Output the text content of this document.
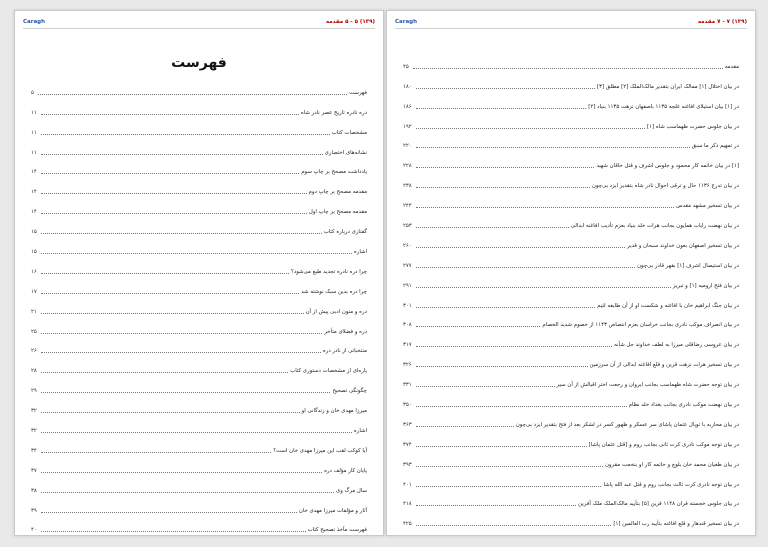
Caragh	(۱۳۹) ۵ - ۵ مقدمه
فهرست
فهرست
۵
دره نادره تاریخ عصر نادر شاه
۱۱
مشخصات کتاب
۱۱
نشانه‌های اختصاری
۱۱
یادداشت مصحح بر چاپ سوم
۱۴
مقدمه مصحح بر چاپ دوم
۱۴
مقدمه مصحح بر چاپ اول
۱۴
گفتاری درباره کتاب
۱۵
اشاره
۱۵
چرا دره نادره تجدید طبع می‌شود؟
۱۶
چرا دره بدین سبک نوشته شد
۱۷
دره و متون ادبی پیش از آن
۲۱
دره و فضلای متأخر
۲۵
منتخباتی از نادر دره
۲۶
پاره‌ای از مشخصات دستوری کتاب
۲۸
چگونگی تصحیح
۲۹
میرزا مهدی خان و زندگانی او
۳۲
اشاره
۳۲
آیا کوکب لقب این میرزا مهدی خان است؟
۳۴
پایان کار مؤلف دره
۳۷
سال مرگ وی
۳۸
آثار و مؤلفات میرزا مهدی خان
۳۹
فهرست مآخذ تصحیح کتاب
۴۰
Caragh	(۱۳۹) ۷ - ۷ مقدمه
مقدمه
۴۵
در بیان اختلال [۱] ممالک ایران بتقدیر مالک‌الملک [۲] مطلق [۳]
۱۸۰
در [۱] بیان استیلای افاغنه غلجه ۱۱۳۵ باصفهان نزهت ۱۱۳۵ بنیاد [۲]
۱۸۶
در بیان جلوس حضرت ظهماسب شاه [۱]
۱۹۲
در تمهیم ذکر ما سبق
۲۲۰
[۱] در بیان خاتمه کار محمود و جلوس اشرف و قتل خاقان شهید
۲۲۸
در بیان تدرج ۱۱۳۶ حال و ترقی احوال نادر شاه بتقدیر ایزد بی‌چون
۲۳۸
در بیان تسخیر مشهد مقدس
۲۴۴
در بیان نهضت رایات همایون بجانب هرات خلد بنیاد بعزم تأدیب افاغنه ابدالی
۲۵۳
در بیان تسخیر اصفهان بعون خداوند سبحان و قدیر
۲۶۰
در بیان استیصال اشرف [۱] بقهر قادر بی‌چون
۲۷۷
در بیان فتح ارومیه [۱] و تبریز
۲۹۱
در بیان جنگ ابراهیم خان با افاغنه و شکست او از آن طایفه لئیم
۳۰۱
در بیان انصراف موکب نادری بجانب خراسان بعزم انتصاص ۱۱۴۳ از خصوم شدید الخصام
۳۰۸
در بیان عروسی رضاقلی میرزا به لطف خداوند جل شأنه
۳۱۷
در بیان تسخیر هرات نزهت قرین و قلع افاغنه ابدالی از آن سرزمین
۳۲۶
در بیان توجه حضرت شاه ظهماسب بجانب ایروان و رجعت اختر اقبالش از آن سیر
۳۳۱
در بیان نهضت موکب نادری بجانب بغداد خلد نظام
۳۵۰
در بیان محاربه با توپال عثمان پاشای سر عسکر و ظهور کسر در لشکر بعد از فتح بتقدیر ایزد بی‌چون
۳۶۳
در بیان توجه موکب نادری کرت ثانی بجانب روم و [قتل عثمان پاشا]
۳۷۴
در بیان طغیان محمد خان بلوچ و خاتمه کار او بنخجت مقرون
۳۹۳
در بیان توجه نادری کرت ثالث بجانب روم و قتل عبد الله پاشا
۴۰۱
در بیان جلوس خجسته قران ۱۱۴۸ قرین [۵] بتأیید مالک‌الملک ملک آفرین
۴۱۸
در بیان تسخیر قندهار و قلع افاغنه بتأیید رب العالمین [۱]
۴۲۵
